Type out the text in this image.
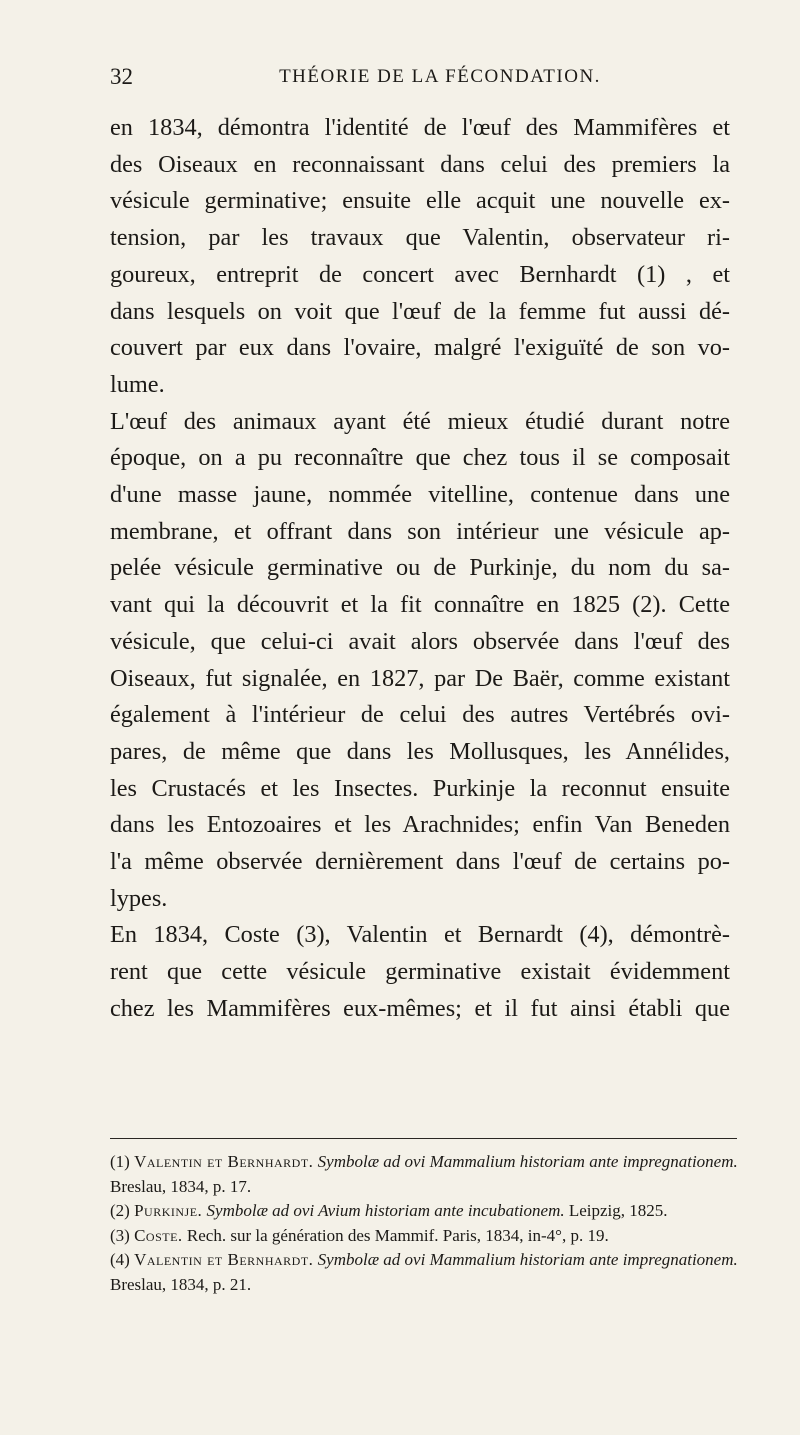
32	THÉORIE DE LA FÉCONDATION.

en 1834, démontra l'identité de l'œuf des Mammifères et
des Oiseaux en reconnaissant dans celui des premiers la
vésicule germinative; ensuite elle acquit une nouvelle ex-
tension, par les travaux que Valentin, observateur ri-
goureux, entreprit de concert avec Bernhardt (1) , et
dans lesquels on voit que l'œuf de la femme fut aussi dé-
couvert par eux dans l'ovaire, malgré l'exiguïté de son vo-
lume.

L'œuf des animaux ayant été mieux étudié durant notre
époque, on a pu reconnaître que chez tous il se composait
d'une masse jaune, nommée vitelline, contenue dans une
membrane, et offrant dans son intérieur une vésicule ap-
pelée vésicule germinative ou de Purkinje, du nom du sa-
vant qui la découvrit et la fit connaître en 1825 (2). Cette
vésicule, que celui-ci avait alors observée dans l'œuf des
Oiseaux, fut signalée, en 1827, par De Baër, comme existant
également à l'intérieur de celui des autres Vertébrés ovi-
pares, de même que dans les Mollusques, les Annélides,
les Crustacés et les Insectes. Purkinje la reconnut ensuite
dans les Entozoaires et les Arachnides; enfin Van Beneden
l'a même observée dernièrement dans l'œuf de certains po-
lypes.

En 1834, Coste (3), Valentin et Bernardt (4), démontrè-
rent que cette vésicule germinative existait évidemment
chez les Mammifères eux-mêmes; et il fut ainsi établi que

(1) Valentin et Bernhardt. Symbolæ ad ovi Mammalium historiam ante impregnationem. Breslau, 1834, p. 17.

(2) Purkinje. Symbolæ ad ovi Avium historiam ante incubationem. Leipzig, 1825.

(3) Coste. Rech. sur la génération des Mammif. Paris, 1834, in-4°, p. 19.

(4) Valentin et Bernhardt. Symbolæ ad ovi Mammalium historiam ante impregnationem. Breslau, 1834, p. 21.
